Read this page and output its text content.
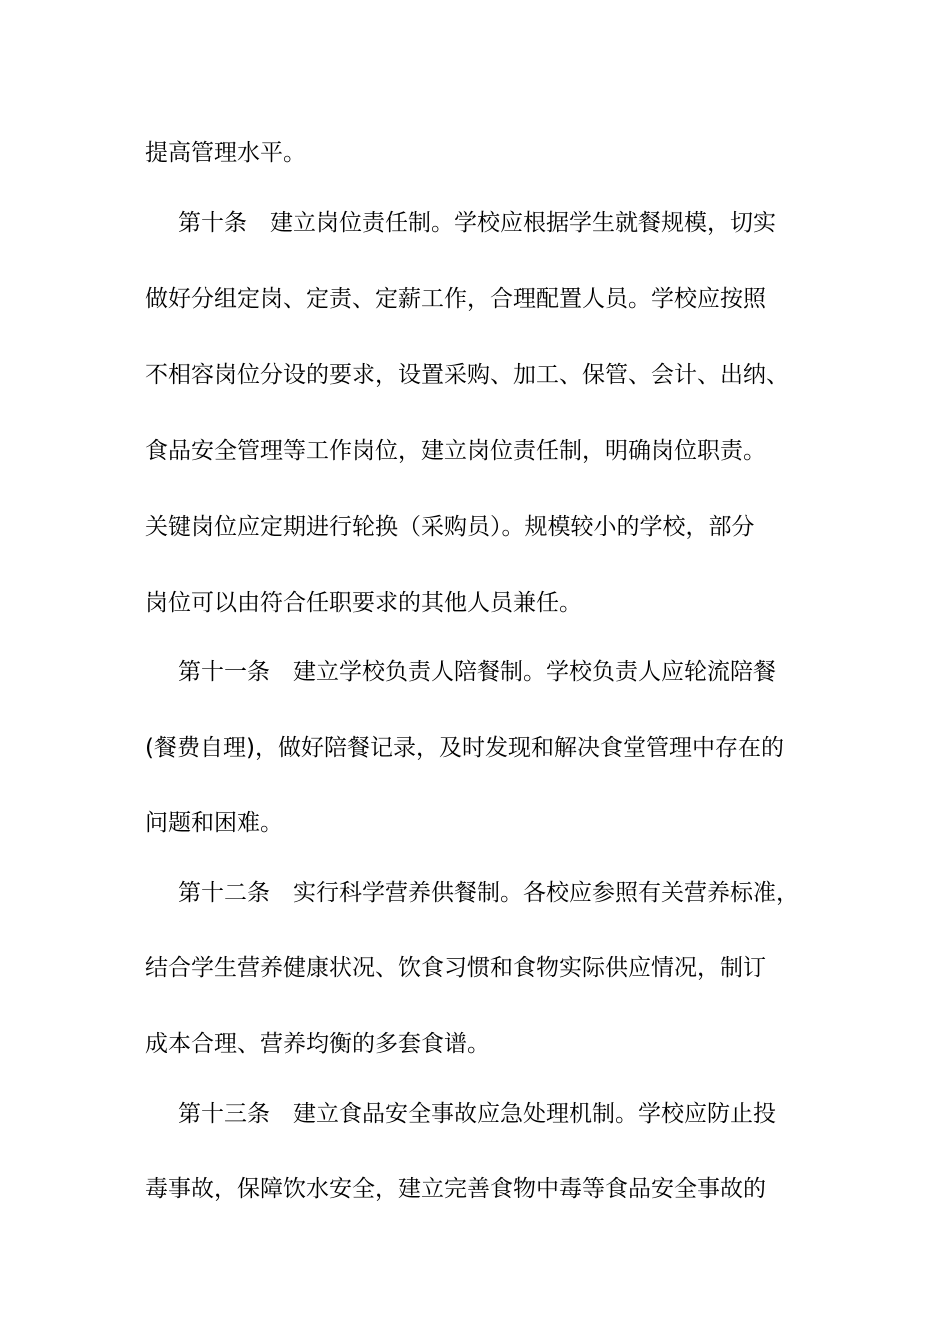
提高管理水平。
第十条　建立岗位责任制。学校应根据学生就餐规模，切实
做好分组定岗、定责、定薪工作，合理配置人员。学校应按照
不相容岗位分设的要求，设置采购、加工、保管、会计、出纳、
食品安全管理等工作岗位，建立岗位责任制，明确岗位职责。
关键岗位应定期进行轮换（采购员）。规模较小的学校，部分
岗位可以由符合任职要求的其他人员兼任。
第十一条　建立学校负责人陪餐制。学校负责人应轮流陪餐
(餐费自理)，做好陪餐记录，及时发现和解决食堂管理中存在的
问题和困难。
第十二条　实行科学营养供餐制。各校应参照有关营养标准，
结合学生营养健康状况、饮食习惯和食物实际供应情况，制订
成本合理、营养均衡的多套食谱。
第十三条　建立食品安全事故应急处理机制。学校应防止投
毒事故，保障饮水安全，建立完善食物中毒等食品安全事故的
